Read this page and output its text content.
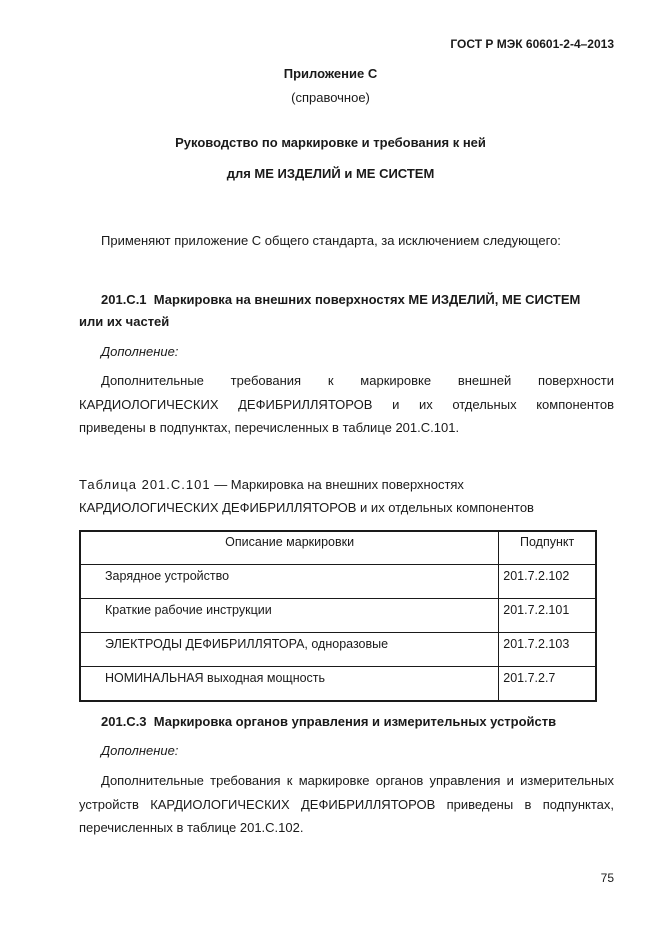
ГОСТ Р МЭК 60601-2-4–2013
Приложение С
(справочное)
Руководство по маркировке и требования к ней
для МЕ ИЗДЕЛИЙ и МЕ СИСТЕМ
Применяют приложение С общего стандарта, за исключением следующего:
201.С.1 Маркировка на внешних поверхностях МЕ ИЗДЕЛИЙ, МЕ СИСТЕМ
или их частей
Дополнение:
Дополнительные требования к маркировке внешней поверхности
КАРДИОЛОГИЧЕСКИХ ДЕФИБРИЛЛЯТОРОВ и их отдельных компонентов
приведены в подпунктах, перечисленных в таблице 201.С.101.
Таблица 201.С.101 — Маркировка на внешних поверхностях
КАРДИОЛОГИЧЕСКИХ ДЕФИБРИЛЛЯТОРОВ и их отдельных компонентов
Описание маркировки	Подпункт
Зарядное устройство	201.7.2.102
Краткие рабочие инструкции	201.7.2.101
ЭЛЕКТРОДЫ ДЕФИБРИЛЛЯТОРА, одноразовые	201.7.2.103
НОМИНАЛЬНАЯ выходная мощность	201.7.2.7
201.С.3 Маркировка органов управления и измерительных устройств
Дополнение:
Дополнительные требования к маркировке органов управления и измерительных
устройств КАРДИОЛОГИЧЕСКИХ ДЕФИБРИЛЛЯТОРОВ приведены в подпунктах,
перечисленных в таблице 201.С.102.
75
